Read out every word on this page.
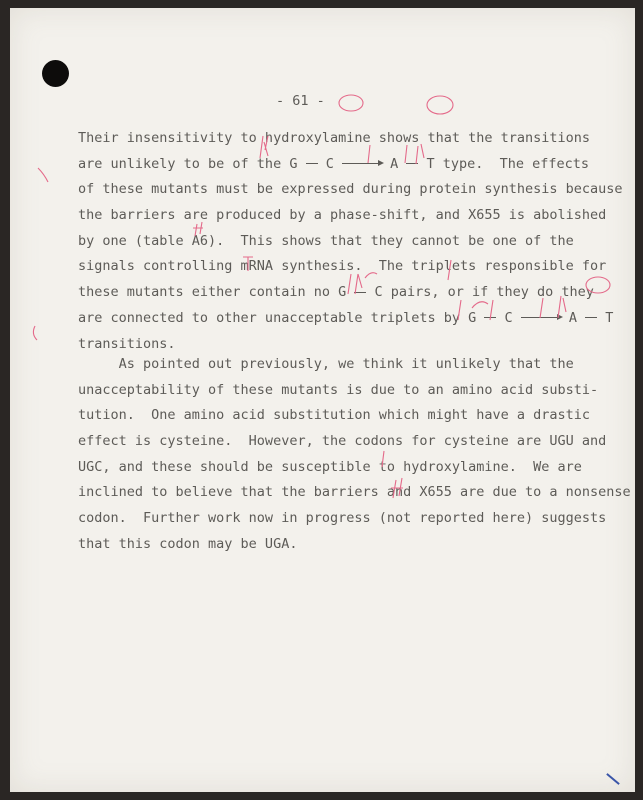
- 61 -
Their insensitivity to hydroxylamine shows that the transitions
are unlikely to be of the G  C	A  T type.  The effects
of these mutants must be expressed during protein synthesis because
the barriers are produced by a phase-shift, and X655 is abolished
by one (table A6).  This shows that they cannot be one of the
signals controlling mRNA synthesis.  The triplets responsible for
these mutants either contain no G  C pairs, or if they do they
are connected to other unacceptable triplets by G  C	A  T
transitions.
As pointed out previously, we think it unlikely that the
unacceptability of these mutants is due to an amino acid substi-
tution.  One amino acid substitution which might have a drastic
effect is cysteine.  However, the codons for cysteine are UGU and
UGC, and these should be susceptible to hydroxylamine.  We are
inclined to believe that the barriers and X655 are due to a nonsense
codon.  Further work now in progress (not reported here) suggests
that this codon may be UGA.
